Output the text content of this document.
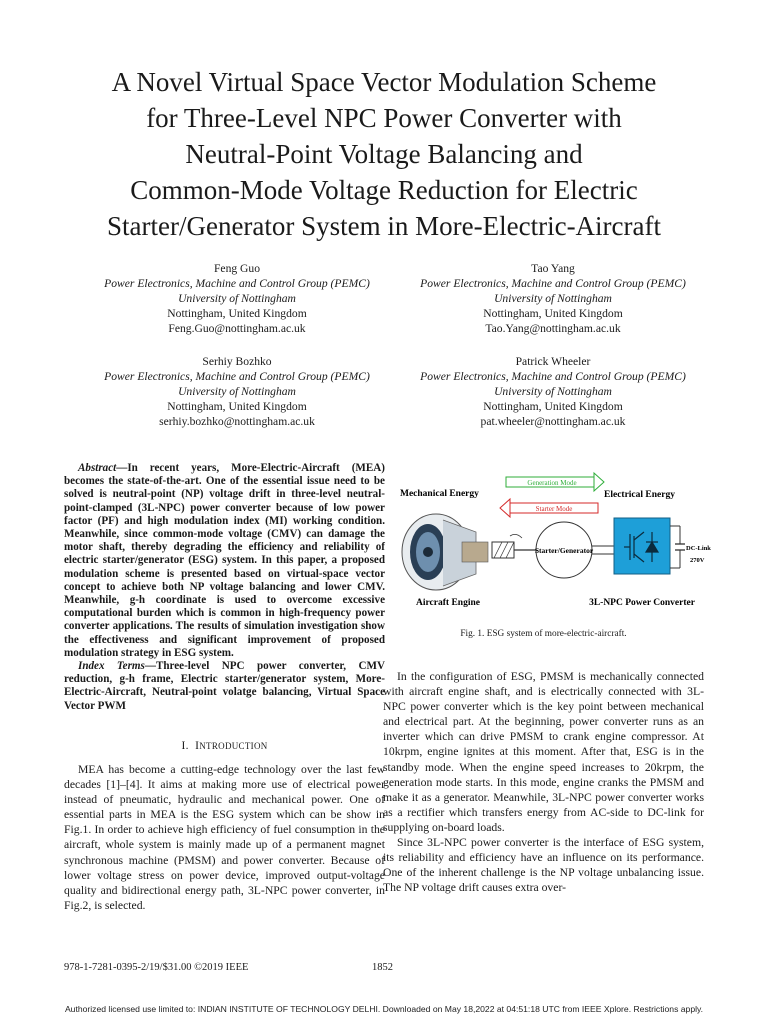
A Novel Virtual Space Vector Modulation Scheme
for Three-Level NPC Power Converter with
Neutral-Point Voltage Balancing and
Common-Mode Voltage Reduction for Electric
Starter/Generator System in More-Electric-Aircraft
Feng Guo
Power Electronics, Machine and Control Group (PEMC)
University of Nottingham
Nottingham, United Kingdom
Feng.Guo@nottingham.ac.uk
Tao Yang
Power Electronics, Machine and Control Group (PEMC)
University of Nottingham
Nottingham, United Kingdom
Tao.Yang@nottingham.ac.uk
Serhiy Bozhko
Power Electronics, Machine and Control Group (PEMC)
University of Nottingham
Nottingham, United Kingdom
serhiy.bozhko@nottingham.ac.uk
Patrick Wheeler
Power Electronics, Machine and Control Group (PEMC)
University of Nottingham
Nottingham, United Kingdom
pat.wheeler@nottingham.ac.uk

Abstract—In recent years, More-Electric-Aircraft (MEA) becomes the state-of-the-art. One of the essential issue need to be solved is neutral-point (NP) voltage drift in three-level neutral-point-clamped (3L-NPC) power converter because of low power factor (PF) and high modulation index (MI) working condition. Meanwhile, since common-mode voltage (CMV) can damage the motor shaft, thereby degrading the efficiency and reliability of electric starter/generator (ESG) system. In this paper, a proposed modulation scheme is presented based on virtual-space vector concept to achieve both NP voltage balancing and lower CMV. Meanwhile, g-h coordinate is used to overcome excessive computational burden which is common in high-frequency power converter applications. The results of simulation investigation show the effectiveness and significant improvement of proposed modulation strategy in ESG system.

Index Terms—Three-level NPC power converter, CMV reduction, g-h frame, Electric starter/generator system, More-Electric-Aircraft, Neutral-point volatge balancing, Virtual Space Vector PWM

I. INTRODUCTION

MEA has become a cutting-edge technology over the last few decades [1]–[4]. It aims at making more use of electrical power instead of pneumatic, hydraulic and mechanical power. One of essential parts in MEA is the ESG system which can be show in Fig.1. In order to achieve high efficiency of fuel consumption in the aircraft, whole system is mainly made up of a permanent magnet synchronous machine (PMSM) and power converter. Because of lower voltage stress on power device, improved output-voltage quality and bidirectional energy path, 3L-NPC power converter, in Fig.2, is selected.

Generation Mode
Starter Mode
Mechanical Energy	Electrical Energy
Starter/Generator	DC-Link
270V
Aircraft Engine	3L-NPC Power Converter
Fig. 1. ESG system of more-electric-aircraft.

In the configuration of ESG, PMSM is mechanically connected with aircraft engine shaft, and is electrically connected with 3L-NPC power converter which is the key point between mechanical and electrical part. At the beginning, power converter runs as an inverter which can drive PMSM to crank engine compressor. At 10krpm, engine ignites at this moment. After that, ESG is in the standby mode. When the engine speed increases to 20krpm, the generation mode starts. In this mode, engine cranks the PMSM and make it as a generator. Meanwhile, 3L-NPC power converter works as a rectifier which transfers energy from AC-side to DC-link for supplying on-board loads.

Since 3L-NPC power converter is the interface of ESG system, its reliability and efficiency have an influence on its performance. One of the inherent challenge is the NP voltage unbalancing issue. The NP voltage drift causes extra over-

978-1-7281-0395-2/19/$31.00 ©2019 IEEE	1852
Authorized licensed use limited to: INDIAN INSTITUTE OF TECHNOLOGY DELHI. Downloaded on May 18,2022 at 04:51:18 UTC from IEEE Xplore. Restrictions apply.
